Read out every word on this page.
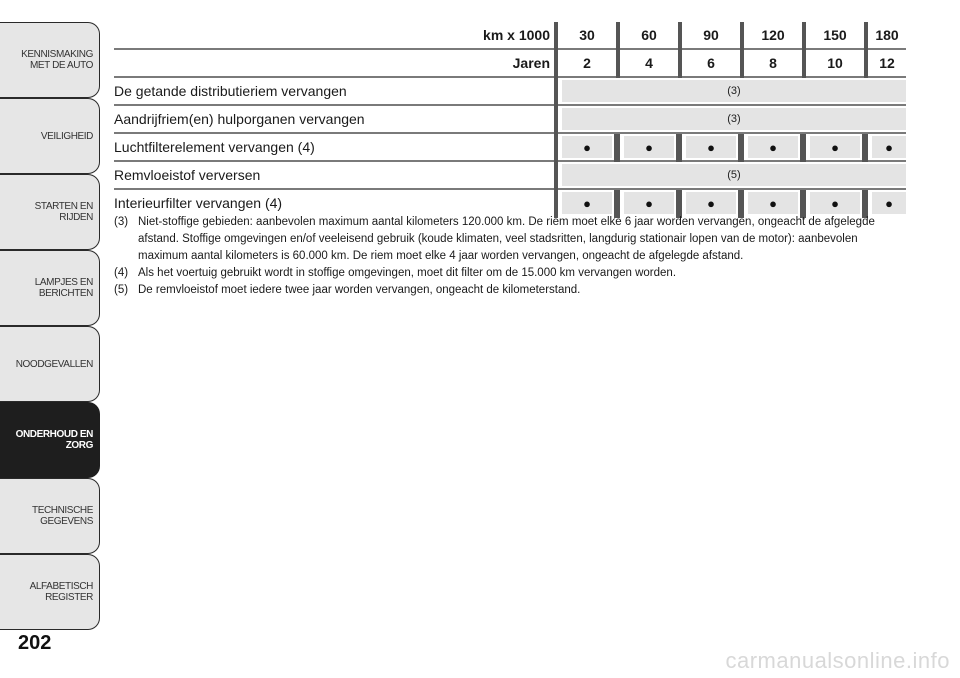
KENNISMAKING
MET DE AUTO
VEILIGHEID
STARTEN EN RIJDEN
LAMPJES EN
BERICHTEN
NOODGEVALLEN
ONDERHOUD EN
ZORG
TECHNISCHE
GEGEVENS
ALFABETISCH
REGISTER
202
km x 1000	30	60	90	120	150	180
Jaren	2	4	6	8	10	12
De getande distributieriem vervangen	(3)
Aandrijfriem(en) hulporganen vervangen	(3)
Luchtfilterelement vervangen (4)	●	●	●	●	●	●
Remvloeistof verversen	(5)
Interieurfilter vervangen (4)	●	●	●	●	●	●
(3) Niet-stoffige gebieden: aanbevolen maximum aantal kilometers 120.000 km. De riem moet elke 6 jaar worden vervangen, ongeacht de afgelegde afstand. Stoffige omgevingen en/of veeleisend gebruik (koude klimaten, veel stadsritten, langdurig stationair lopen van de motor): aanbevolen maximum aantal kilometers is 60.000 km. De riem moet elke 4 jaar worden vervangen, ongeacht de afgelegde afstand.
(4) Als het voertuig gebruikt wordt in stoffige omgevingen, moet dit filter om de 15.000 km vervangen worden.
(5) De remvloeistof moet iedere twee jaar worden vervangen, ongeacht de kilometerstand.
carmanualsonline.info
